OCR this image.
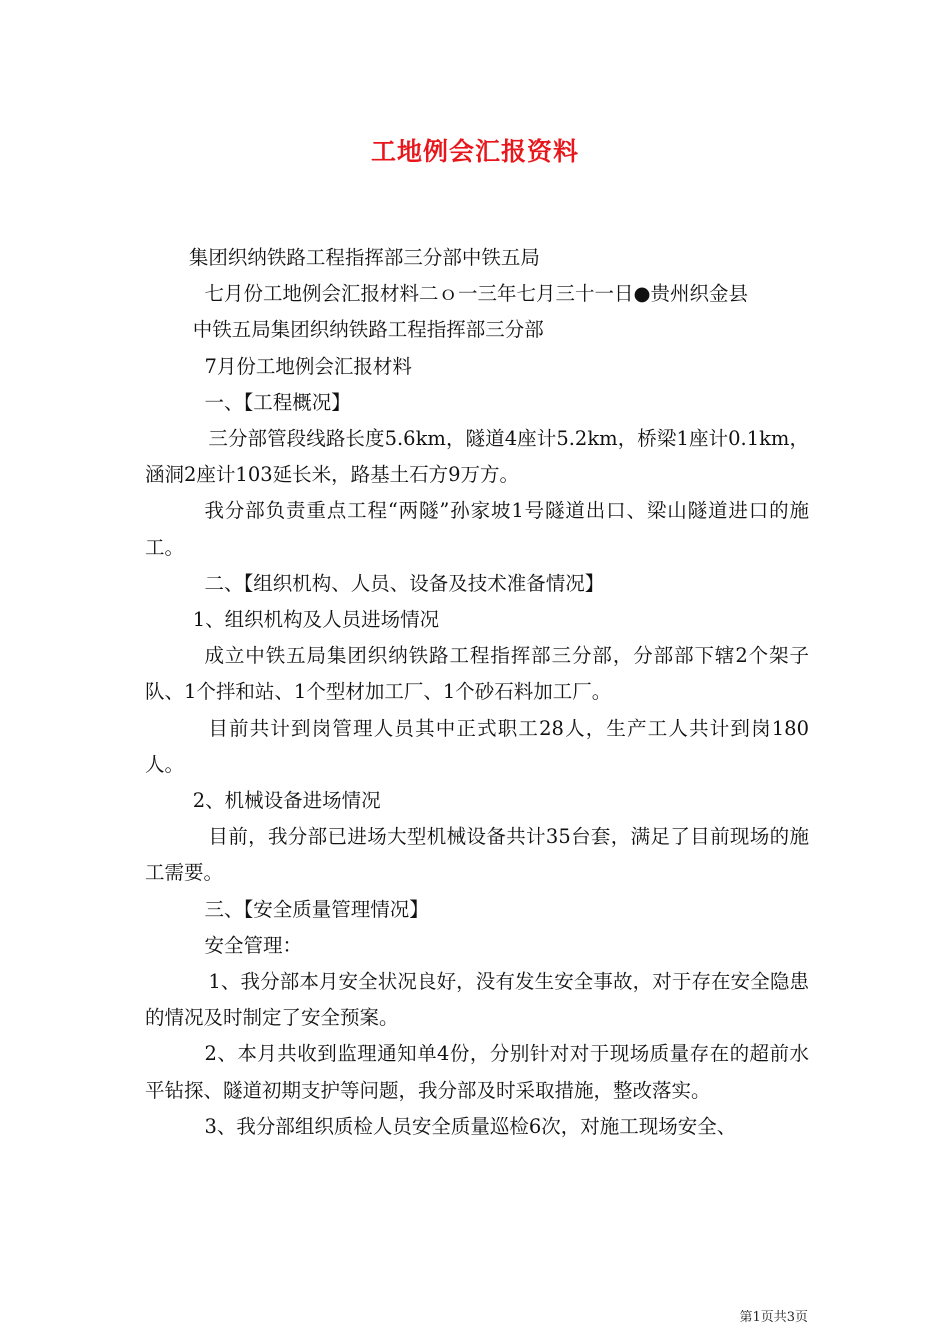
工地例会汇报资料

集团织纳铁路工程指挥部三分部中铁五局

七月份工地例会汇报材料二ｏ一三年七月三十一日●贵州织金县

中铁五局集团织纳铁路工程指挥部三分部

7月份工地例会汇报材料

一、【工程概况】

三分部管段线路长度5.6km，隧道4座计5.2km，桥梁1座计0.1km，涵洞2座计103延长米，路基土石方9万方。

我分部负责重点工程“两隧”孙家坡1号隧道出口、梁山隧道进口的施工。

二、【组织机构、人员、设备及技术准备情况】

1、组织机构及人员进场情况

成立中铁五局集团织纳铁路工程指挥部三分部，分部部下辖2个架子队、1个拌和站、1个型材加工厂、1个砂石料加工厂。

目前共计到岗管理人员其中正式职工28人，生产工人共计到岗180人。

2、机械设备进场情况

目前，我分部已进场大型机械设备共计35台套，满足了目前现场的施工需要。

三、【安全质量管理情况】

安全管理：

1、我分部本月安全状况良好，没有发生安全事故，对于存在安全隐患的情况及时制定了安全预案。

2、本月共收到监理通知单4份，分别针对对于现场质量存在的超前水平钻探、隧道初期支护等问题，我分部及时采取措施，整改落实。

3、我分部组织质检人员安全质量巡检6次，对施工现场安全、

第1页共3页
